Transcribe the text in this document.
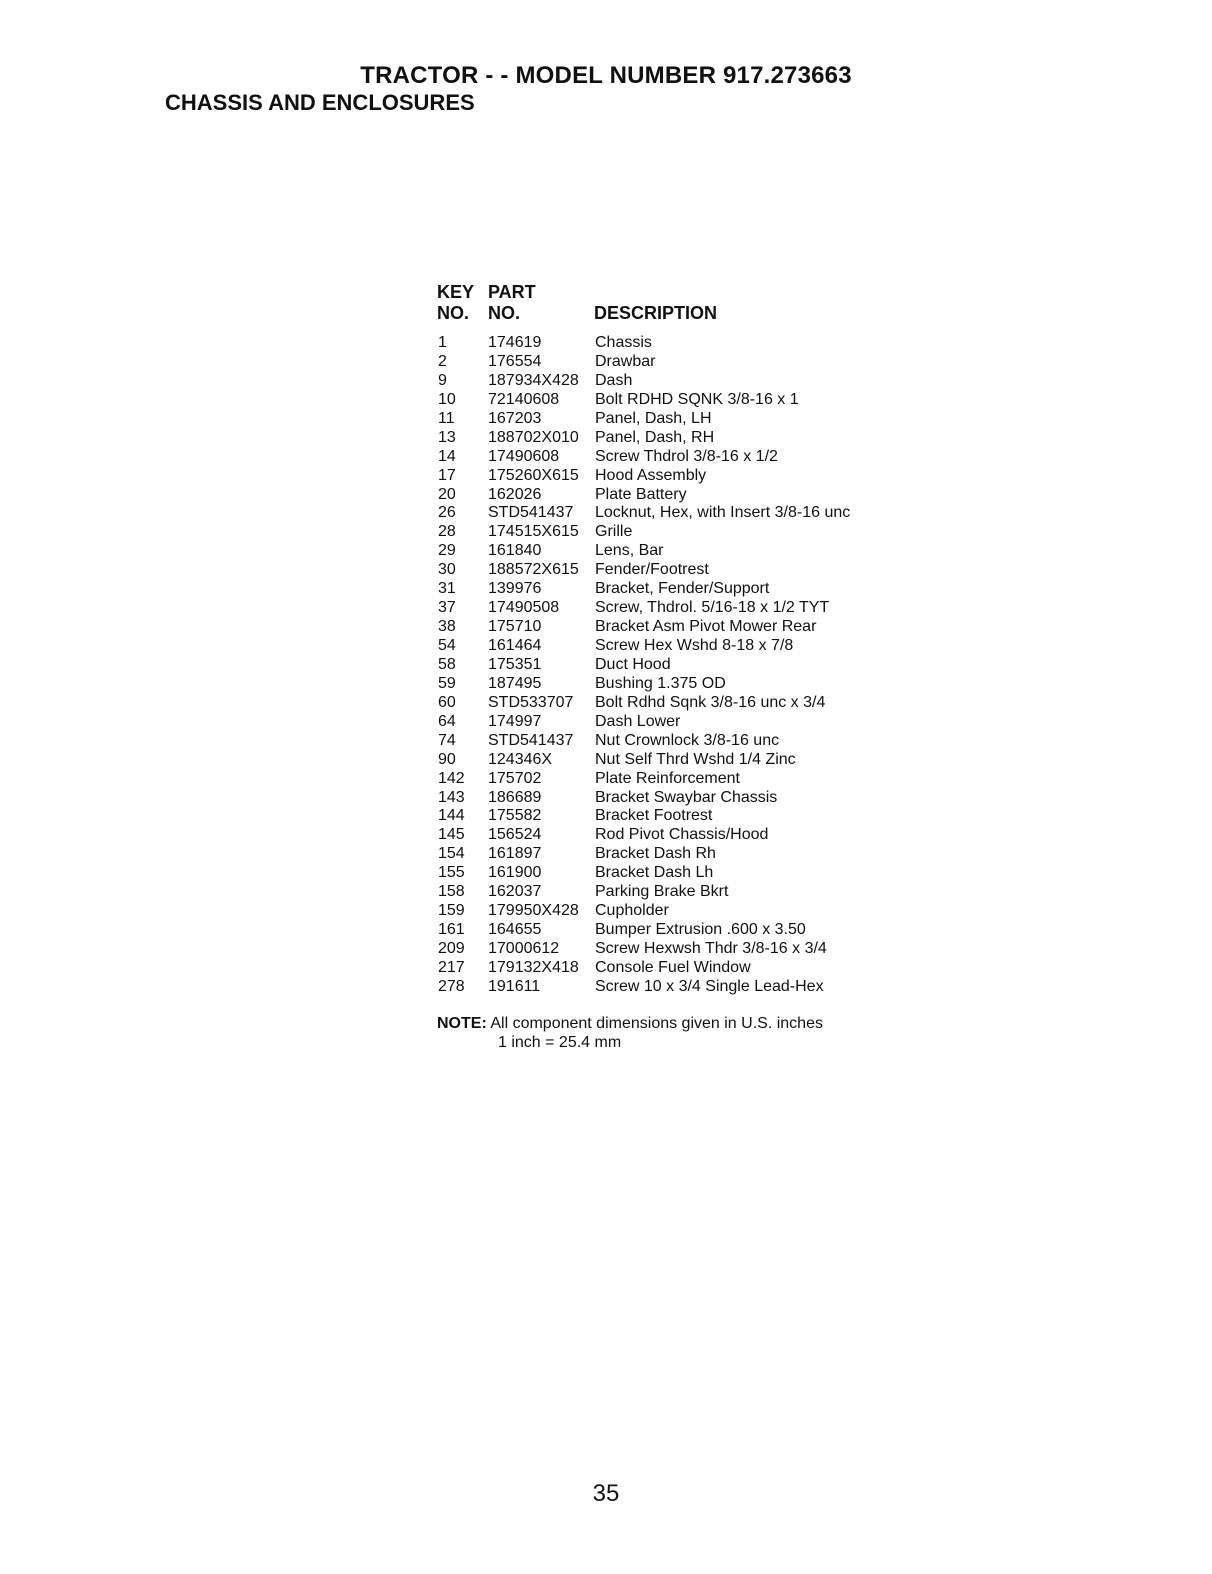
TRACTOR - - MODEL NUMBER 917.273663
CHASSIS AND ENCLOSURES
KEY PART
NO. NO.	DESCRIPTION
1	174619	Chassis
2	176554	Drawbar
9	187934X428 Dash
10 72140608 Bolt RDHD SQNK 3/8-16 x 1
11 167203	Panel, Dash, LH
13 188702X010 Panel, Dash, RH
14 17490608 Screw Thdrol 3/8-16 x 1/2
17 175260X615 Hood Assembly
20 162026	Plate Battery
26 STD541437 Locknut, Hex, with Insert 3/8-16 unc
28 174515X615 Grille
29 161840	Lens, Bar
30 188572X615 Fender/Footrest
31 139976	Bracket, Fender/Support
37 17490508 Screw, Thdrol. 5/16-18 x 1/2 TYT
38 175710	Bracket Asm Pivot Mower Rear
54 161464	Screw Hex Wshd 8-18 x 7/8
58 175351	Duct Hood
59 187495	Bushing 1.375 OD
60 STD533707 Bolt Rdhd Sqnk 3/8-16 unc x 3/4
64 174997	Dash Lower
74 STD541437 Nut Crownlock 3/8-16 unc
90 124346X	Nut Self Thrd Wshd 1/4 Zinc
142 175702	Plate Reinforcement
143 186689	Bracket Swaybar Chassis
144 175582	Bracket Footrest
145 156524	Rod Pivot Chassis/Hood
154 161897	Bracket Dash Rh
155 161900	Bracket Dash Lh
158 162037	Parking Brake Bkrt
159 179950X428 Cupholder
161 164655	Bumper Extrusion .600 x 3.50
209 17000612 Screw Hexwsh Thdr 3/8-16 x 3/4
217 179132X418 Console Fuel Window
278 191611	Screw 10 x 3/4 Single Lead-Hex
NOTE: All component dimensions given in U.S. inches
1 inch = 25.4 mm
35
